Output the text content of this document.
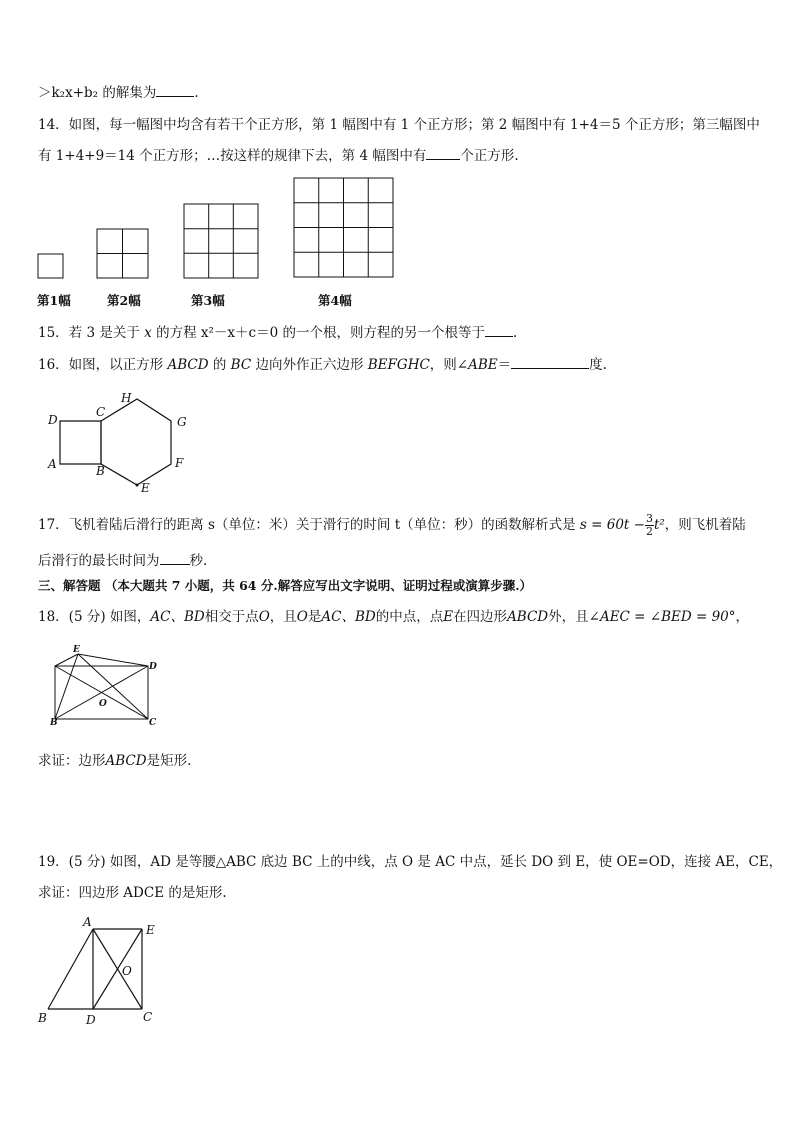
＞k₂x+b₂ 的解集为	.
14．如图，每一幅图中均含有若干个正方形，第 1 幅图中有 1 个正方形；第 2 幅图中有 1+4＝5 个正方形；第三幅图中
有 1+4+9＝14 个正方形；…按这样的规律下去，第 4 幅图中有	个正方形.
第1幅	第2幅	第3幅	第4幅
15．若 3 是关于 x 的方程 x²－x＋c＝0 的一个根，则方程的另一个根等于 .
16．如图，以正方形 ABCD 的 BC 边向外作正六边形 BEFGHC，则∠ABE＝	度.
D
C
H
G
A	B
F
E
17．飞机着陆后滑行的距离 s（单位：米）关于滑行的时间 t（单位：秒）的函数解析式是 $s = 60t - \frac{3}{2} t^2$，则飞机着陆
后滑行的最长时间为 秒.
三、解答题 （本大题共 7 小题，共 64 分.解答应写出文字说明、证明过程或演算步骤.）
18．(5 分) 如图，AC、BD相交于点O，且O是AC、BD的中点，点E在四边形ABCD外，且∠AEC = ∠BED = 90°，
E
D
O
B	C
求证：边形ABCD是矩形.
19．(5 分) 如图，AD 是等腰△ABC 底边 BC 上的中线，点 O 是 AC 中点，延长 DO 到 E，使 OE=OD，连接 AE，CE，
求证：四边形 ADCE 的是矩形.
A
E
O
B	D	C
